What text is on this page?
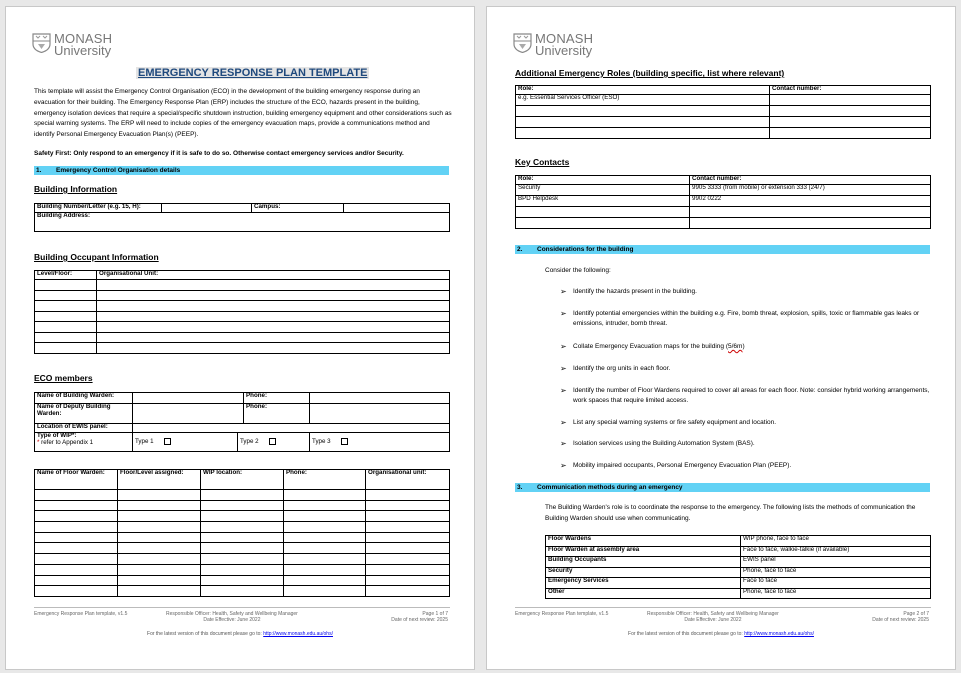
MONASH
University
EMERGENCY RESPONSE PLAN TEMPLATE
This template will assist the Emergency Control Organisation (ECO) in the development of the building emergency response during an evacuation for their building. The Emergency Response Plan (ERP) includes the structure of the ECO, hazards present in the building, emergency isolation devices that require a special/specific shutdown instruction, building emergency equipment and other considerations such as special warning systems. The ERP will need to include copies of the emergency evacuation maps, provide a communications method and identify Personal Emergency Evacuation Plan(s) (PEEP).
Safety First: Only respond to an emergency if it is safe to do so. Otherwise contact emergency services and/or Security.
1. Emergency Control Organisation details
Building Information
Building Number/Letter (e.g. 15, H):		Campus:	
Building Address:
Building Occupant Information
Level/Floor:	Organisational Unit:

ECO members
Name of Building Warden:			Phone:	
Name of Deputy Building Warden:			Phone:	
Location of EWIS panel:				

Type of WIP*:
* refer to Appendix 1	Type 1	Type 2		Type 3
Name of Floor Warden:	Floor/Level assigned:	WIP location:	Phone:	Organisational unit:

Emergency Response Plan template, v1.5	Responsible Officer: Health, Safety and Wellbeing Manager
Date Effective: June 2022
Page 1 of 7
Date of next review: 2025
For the latest version of this document please go to: http://www.monash.edu.au/ohs/
MONASH
University
Additional Emergency Roles (building specific, list where relevant)
Role:	Contact number:
e.g. Essential Services Officer (ESO)	

Key Contacts
Role:	Contact number:
Security	9905 3333 (from mobile) or extension 333 (24/7)
BPD Helpdesk	9902 0222

2. Considerations for the building
Consider the following:
➢ Identify the hazards present in the building.
➢ Identify potential emergencies within the building e.g. Fire, bomb threat, explosion, spills, toxic or flammable gas leaks or emissions, intruder, bomb threat.
➢ Collate Emergency Evacuation maps for the building (5/6m)
➢ Identify the org units in each floor.
➢ Identify the number of Floor Wardens required to cover all areas for each floor. Note: consider hybrid working arrangements, work spaces that require limited access.
➢ List any special warning systems or fire safety equipment and location.
➢ Isolation services using the Building Automation System (BAS).
➢ Mobility impaired occupants, Personal Emergency Evacuation Plan (PEEP).
3. Communication methods during an emergency
The Building Warden's role is to coordinate the response to the emergency. The following lists the methods of communication the Building Warden should use when communicating.
Floor Wardens	WIP phone, face to face
Floor Warden at assembly area	Face to face, walkie-talkie (if available)
Building Occupants	EWIS panel
Security	Phone, face to face
Emergency Services	Face to face
Other	Phone, face to face
Emergency Response Plan template, v1.5	Responsible Officer: Health, Safety and Wellbeing Manager
Date Effective: June 2022
Page 2 of 7
Date of next review: 2025
For the latest version of this document please go to: http://www.monash.edu.au/ohs/
